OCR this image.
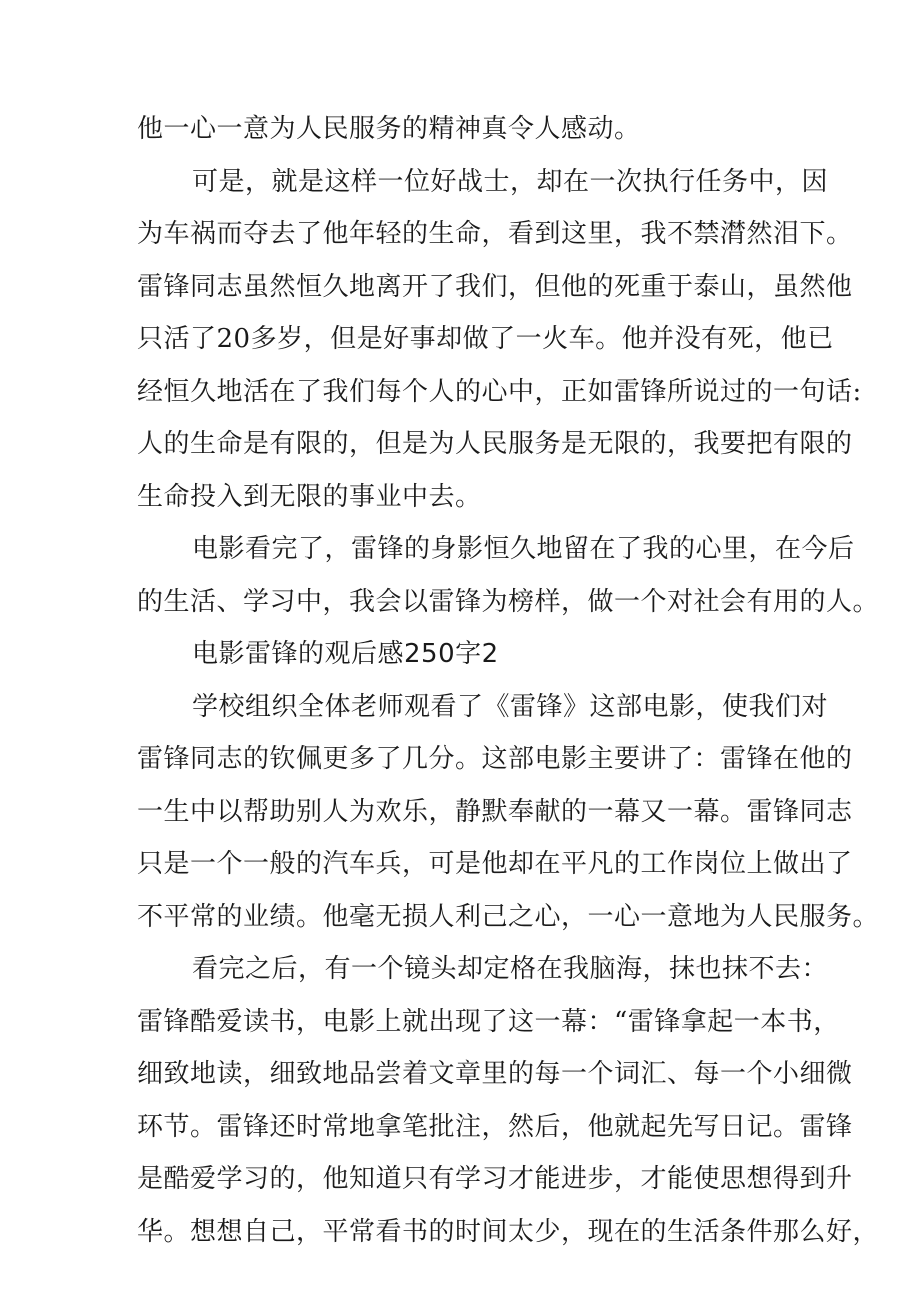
他一心一意为人民服务的精神真令人感动。
可是，就是这样一位好战士，却在一次执行任务中，因
为车祸而夺去了他年轻的生命，看到这里，我不禁潸然泪下。
雷锋同志虽然恒久地离开了我们，但他的死重于泰山，虽然他
只活了20多岁，但是好事却做了一火车。他并没有死，他已
经恒久地活在了我们每个人的心中，正如雷锋所说过的一句话:
人的生命是有限的，但是为人民服务是无限的，我要把有限的
生命投入到无限的事业中去。
电影看完了，雷锋的身影恒久地留在了我的心里，在今后
的生活、学习中，我会以雷锋为榜样，做一个对社会有用的人。
电影雷锋的观后感250字2
学校组织全体老师观看了《雷锋》这部电影，使我们对
雷锋同志的钦佩更多了几分。这部电影主要讲了：雷锋在他的
一生中以帮助别人为欢乐，静默奉献的一幕又一幕。雷锋同志
只是一个一般的汽车兵，可是他却在平凡的工作岗位上做出了
不平常的业绩。他毫无损人利己之心，一心一意地为人民服务。
看完之后，有一个镜头却定格在我脑海，抹也抹不去：
雷锋酷爱读书，电影上就出现了这一幕：“雷锋拿起一本书，
细致地读，细致地品尝着文章里的每一个词汇、每一个小细微
环节。雷锋还时常地拿笔批注，然后，他就起先写日记。雷锋
是酷爱学习的，他知道只有学习才能进步，才能使思想得到升
华。想想自己，平常看书的时间太少，现在的生活条件那么好，
